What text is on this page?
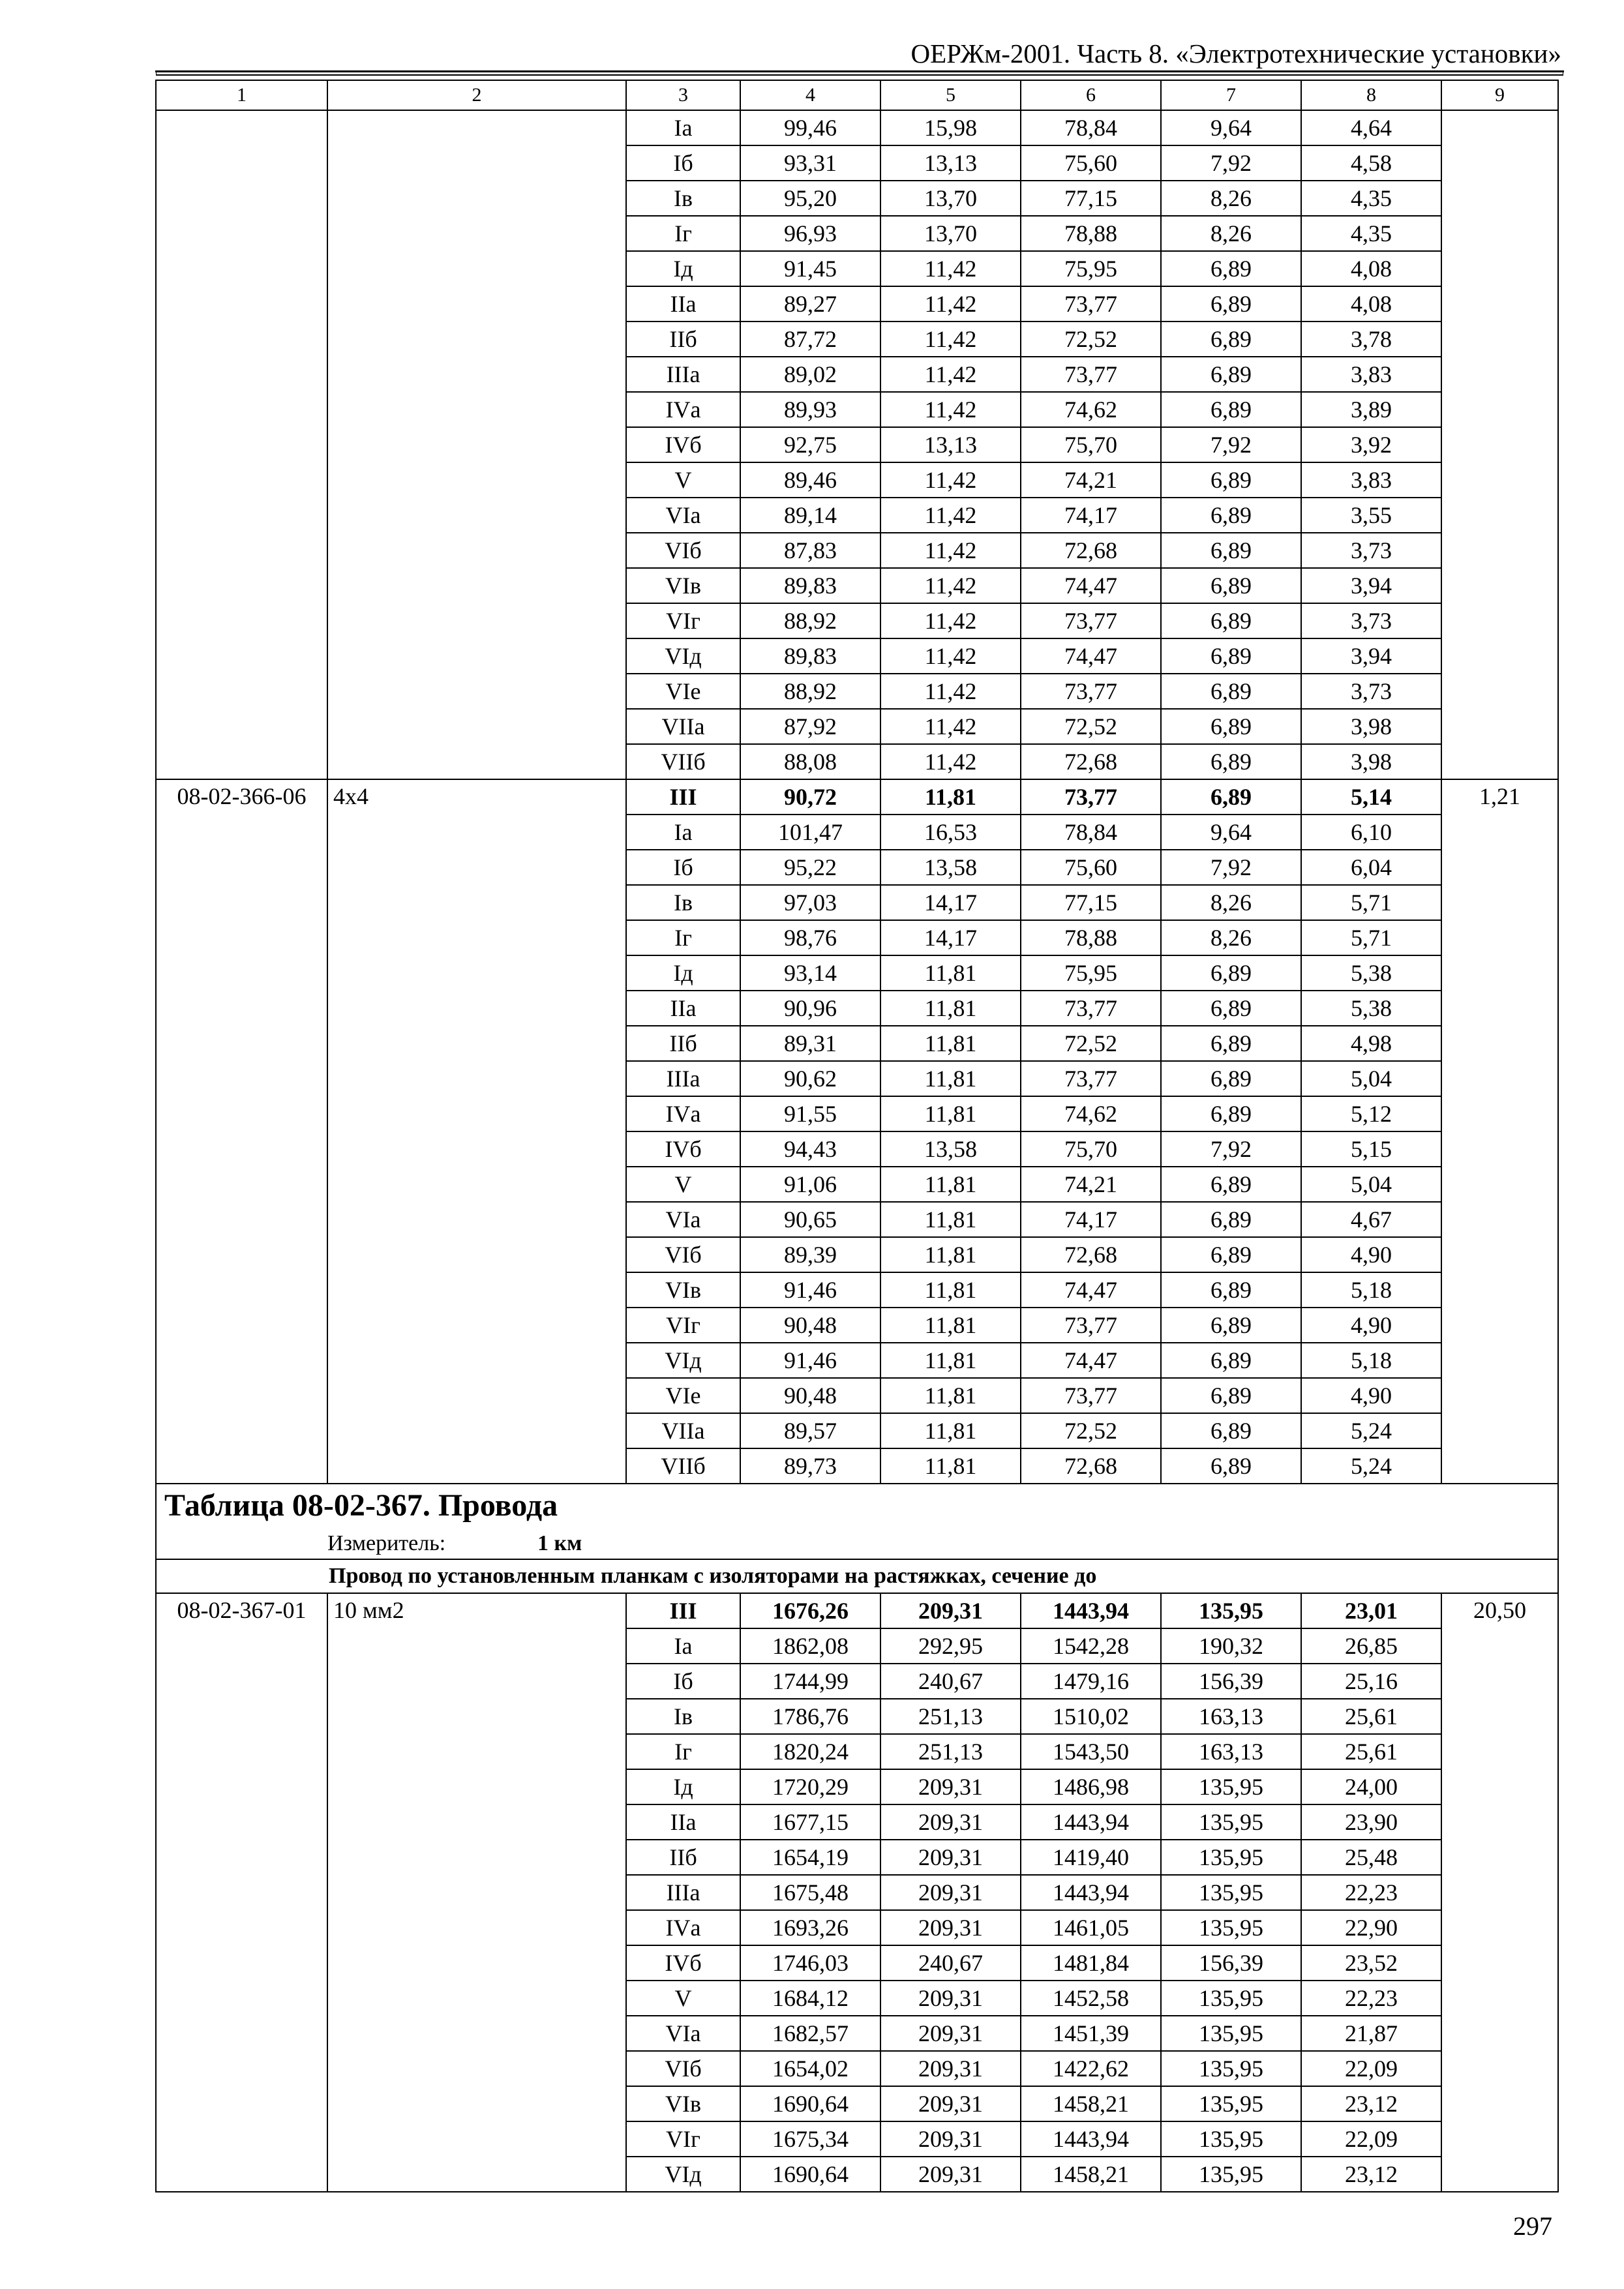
ОЕРЖм-2001. Часть 8. «Электротехнические установки»
1	2	3	4	5	6	7	8	9
		Iа	99,46	15,98	78,84	9,64	4,64	
		Iб	93,31	13,13	75,60	7,92	4,58	
		Iв	95,20	13,70	77,15	8,26	4,35	
		Iг	96,93	13,70	78,88	8,26	4,35	
		Iд	91,45	11,42	75,95	6,89	4,08	
		IIа	89,27	11,42	73,77	6,89	4,08	
		IIб	87,72	11,42	72,52	6,89	3,78	
		IIIа	89,02	11,42	73,77	6,89	3,83	
		IVа	89,93	11,42	74,62	6,89	3,89	
		IVб	92,75	13,13	75,70	7,92	3,92	
		V	89,46	11,42	74,21	6,89	3,83	
		VIа	89,14	11,42	74,17	6,89	3,55	
		VIб	87,83	11,42	72,68	6,89	3,73	
		VIв	89,83	11,42	74,47	6,89	3,94	
		VIг	88,92	11,42	73,77	6,89	3,73	
		VIд	89,83	11,42	74,47	6,89	3,94	
		VIе	88,92	11,42	73,77	6,89	3,73	
		VIIа	87,92	11,42	72,52	6,89	3,98	
		VIIб	88,08	11,42	72,68	6,89	3,98	
08-02-366-06	4x4	III	90,72	11,81	73,77	6,89	5,14	1,21
		Iа	101,47	16,53	78,84	9,64	6,10	
		Iб	95,22	13,58	75,60	7,92	6,04	
		Iв	97,03	14,17	77,15	8,26	5,71	
		Iг	98,76	14,17	78,88	8,26	5,71	
		Iд	93,14	11,81	75,95	6,89	5,38	
		IIа	90,96	11,81	73,77	6,89	5,38	
		IIб	89,31	11,81	72,52	6,89	4,98	
		IIIа	90,62	11,81	73,77	6,89	5,04	
		IVа	91,55	11,81	74,62	6,89	5,12	
		IVб	94,43	13,58	75,70	7,92	5,15	
		V	91,06	11,81	74,21	6,89	5,04	
		VIа	90,65	11,81	74,17	6,89	4,67	
		VIб	89,39	11,81	72,68	6,89	4,90	
		VIв	91,46	11,81	74,47	6,89	5,18	
		VIг	90,48	11,81	73,77	6,89	4,90	
		VIд	91,46	11,81	74,47	6,89	5,18	
		VIе	90,48	11,81	73,77	6,89	4,90	
		VIIа	89,57	11,81	72,52	6,89	5,24	
		VIIб	89,73	11,81	72,68	6,89	5,24	
Таблица 08-02-367. Провода								
Измеритель: 1 км								
Провод по установленным планкам с изоляторами на растяжках, сечение до								
08-02-367-01	10 мм2	III	1676,26	209,31	1443,94	135,95	23,01	20,50
		Iа	1862,08	292,95	1542,28	190,32	26,85	
		Iб	1744,99	240,67	1479,16	156,39	25,16	
		Iв	1786,76	251,13	1510,02	163,13	25,61	
		Iг	1820,24	251,13	1543,50	163,13	25,61	
		Iд	1720,29	209,31	1486,98	135,95	24,00	
		IIа	1677,15	209,31	1443,94	135,95	23,90	
		IIб	1654,19	209,31	1419,40	135,95	25,48	
		IIIа	1675,48	209,31	1443,94	135,95	22,23	
		IVа	1693,26	209,31	1461,05	135,95	22,90	
		IVб	1746,03	240,67	1481,84	156,39	23,52	
		V	1684,12	209,31	1452,58	135,95	22,23	
		VIа	1682,57	209,31	1451,39	135,95	21,87	
		VIб	1654,02	209,31	1422,62	135,95	22,09	
		VIв	1690,64	209,31	1458,21	135,95	23,12	
		VIг	1675,34	209,31	1443,94	135,95	22,09	
		VIд	1690,64	209,31	1458,21	135,95	23,12	
297
